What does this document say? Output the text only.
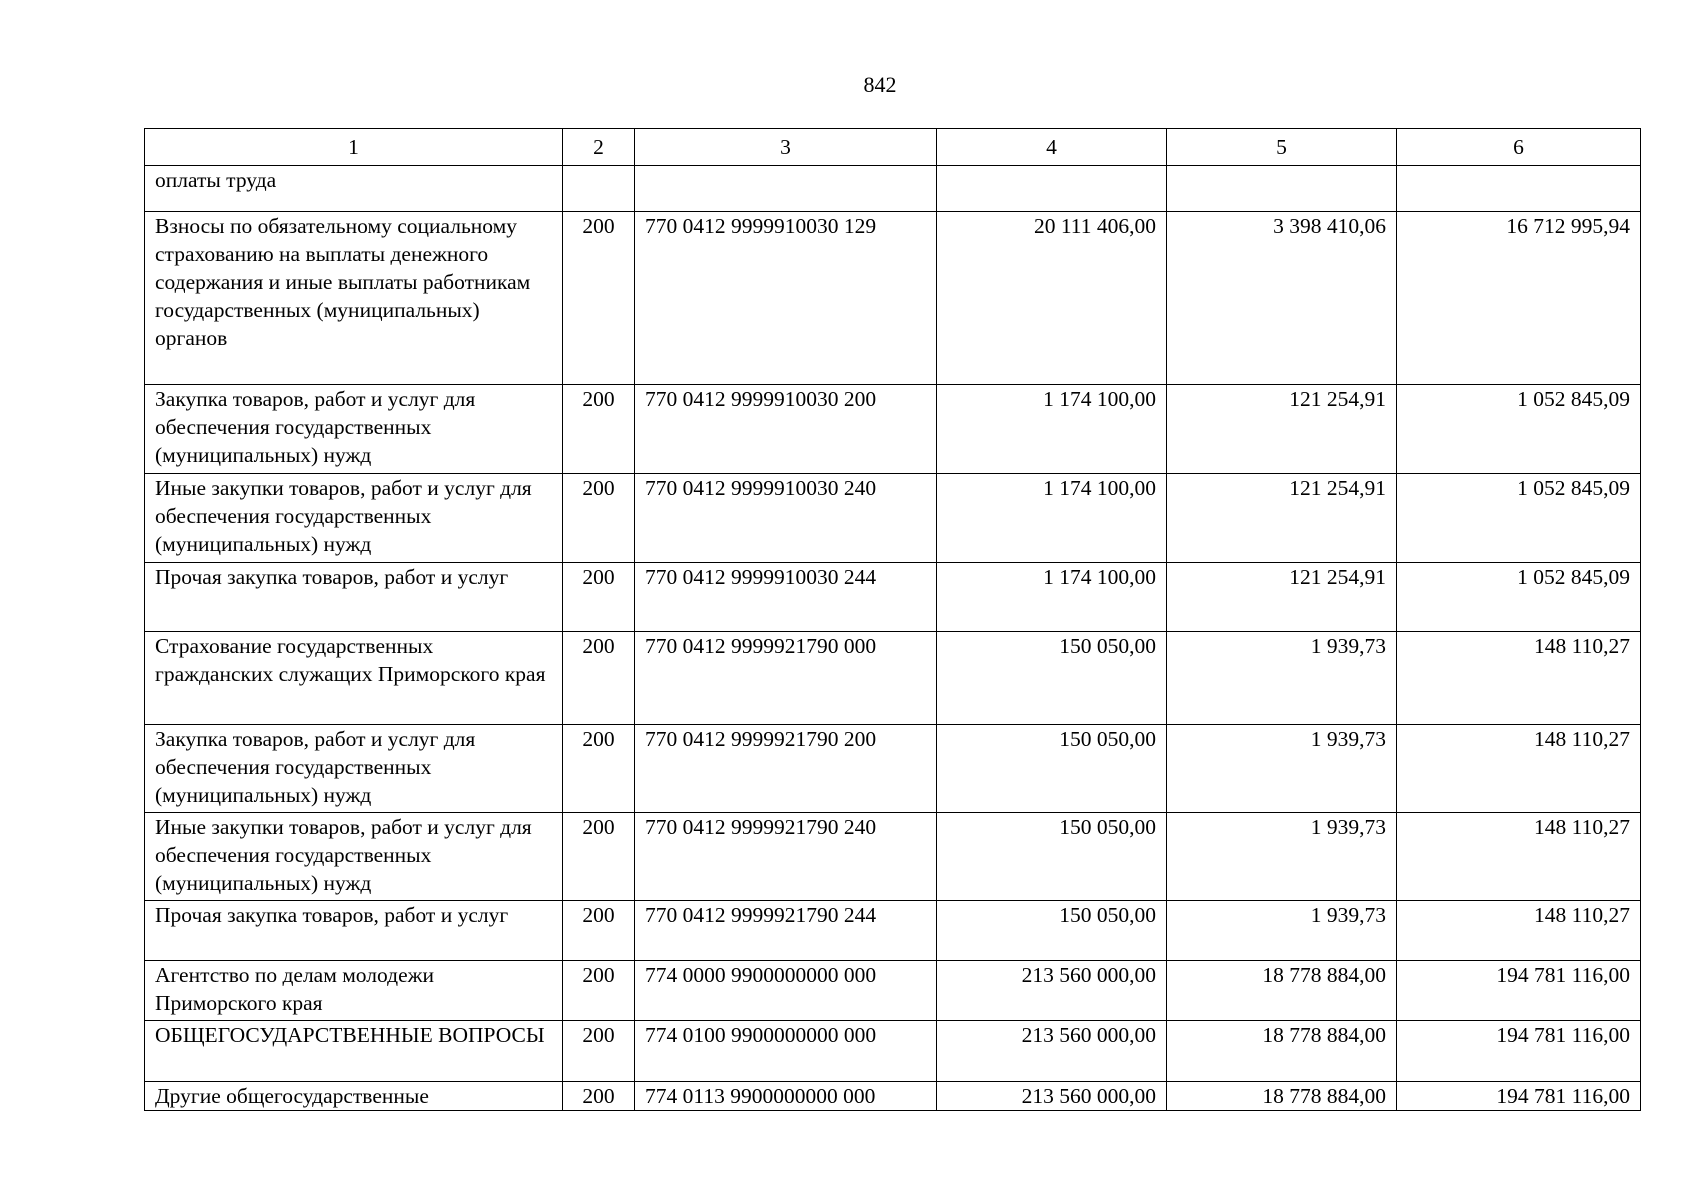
842
1	2	3	4	5	6
оплаты труда					
Взносы по обязательному социальному страхованию на выплаты денежного содержания и иные выплаты работникам государственных (муниципальных) органов	200	770 0412 9999910030 129	20 111 406,00	3 398 410,06	16 712 995,94
Закупка товаров, работ и услуг для обеспечения государственных (муниципальных) нужд	200	770 0412 9999910030 200	1 174 100,00	121 254,91	1 052 845,09
Иные закупки товаров, работ и услуг для обеспечения государственных (муниципальных) нужд	200	770 0412 9999910030 240	1 174 100,00	121 254,91	1 052 845,09
Прочая закупка товаров, работ и услуг	200	770 0412 9999910030 244	1 174 100,00	121 254,91	1 052 845,09
Страхование государственных гражданских служащих Приморского края	200	770 0412 9999921790 000	150 050,00	1 939,73	148 110,27
Закупка товаров, работ и услуг для обеспечения государственных (муниципальных) нужд	200	770 0412 9999921790 200	150 050,00	1 939,73	148 110,27
Иные закупки товаров, работ и услуг для обеспечения государственных (муниципальных) нужд	200	770 0412 9999921790 240	150 050,00	1 939,73	148 110,27
Прочая закупка товаров, работ и услуг	200	770 0412 9999921790 244	150 050,00	1 939,73	148 110,27
Агентство по делам молодежи Приморского края	200	774 0000 9900000000 000	213 560 000,00	18 778 884,00	194 781 116,00
ОБЩЕГОСУДАРСТВЕННЫЕ ВОПРОСЫ	200	774 0100 9900000000 000	213 560 000,00	18 778 884,00	194 781 116,00
Другие общегосударственные	200	774 0113 9900000000 000	213 560 000,00	18 778 884,00	194 781 116,00
